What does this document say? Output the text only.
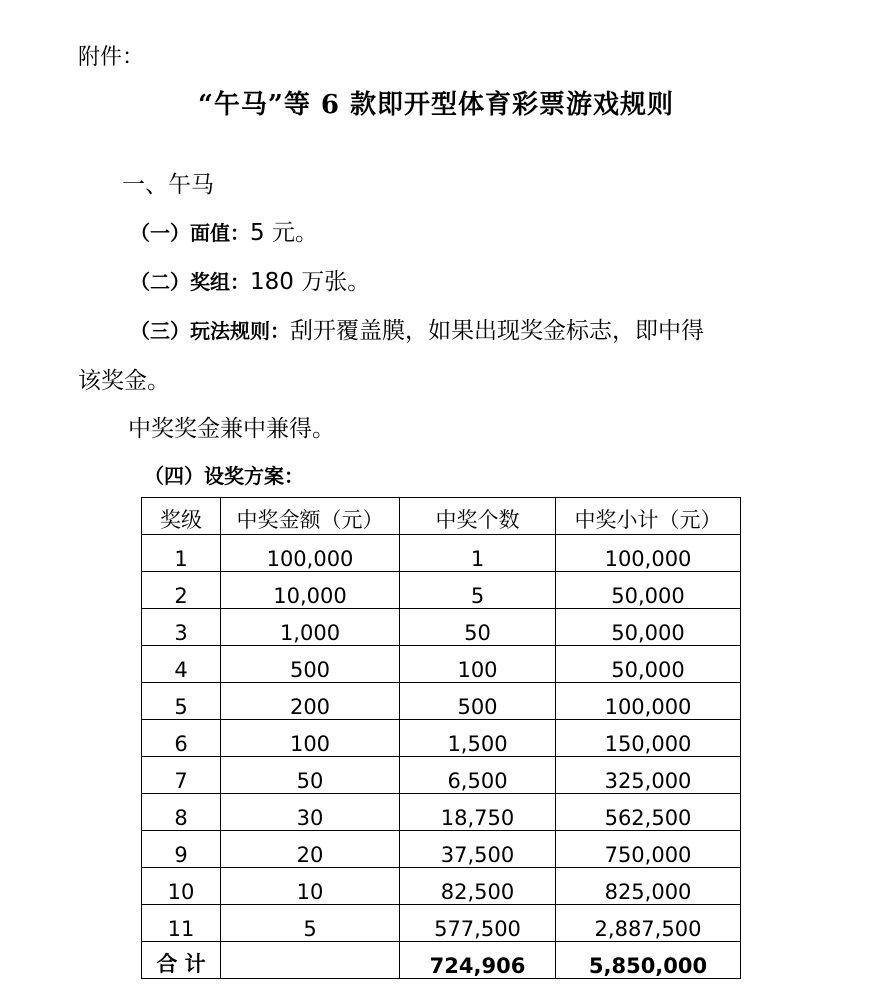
附件：
“午马”等 6 款即开型体育彩票游戏规则
一、午马
（一）面值：5 元。
（二）奖组：180 万张。
（三）玩法规则：刮开覆盖膜，如果出现奖金标志，即中得
该奖金。
中奖奖金兼中兼得。
（四）设奖方案：
奖级	中奖金额（元）	中奖个数	中奖小计（元）
1	100,000	1	100,000
2	10,000	5	50,000
3	1,000	50	50,000
4	500	100	50,000
5	200	500	100,000
6	100	1,500	150,000
7	50	6,500	325,000
8	30	18,750	562,500
9	20	37,500	750,000
10	10	82,500	825,000
11	5	577,500	2,887,500
合 计		724,906	5,850,000
